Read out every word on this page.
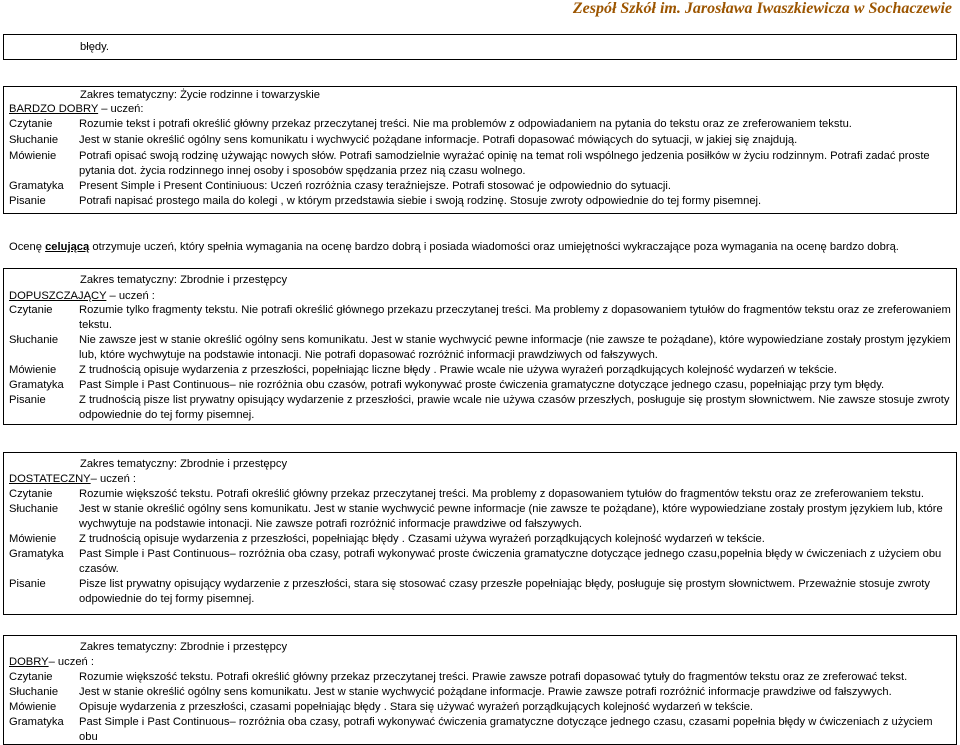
Zespół Szkół im. Jarosława Iwaszkiewicza w Sochaczewie
błędy.
Zakres tematyczny: Życie rodzinne i towarzyskie
BARDZO DOBRY – uczeń:
Czytanie	Rozumie tekst i potrafi określić główny przekaz przeczytanej treści. Nie ma problemów z odpowiadaniem na pytania do tekstu oraz ze zreferowaniem tekstu.
Słuchanie	Jest w stanie określić ogólny sens komunikatu i wychwycić pożądane informacje. Potrafi dopasować mówiących do sytuacji, w jakiej się znajdują.
Mówienie	Potrafi opisać swoją rodzinę używając nowych słów. Potrafi samodzielnie wyrażać opinię na temat roli wspólnego jedzenia posiłków w życiu rodzinnym. Potrafi zadać proste pytania dot. życia rodzinnego innej osoby i sposobów spędzania przez nią czasu wolnego.
Gramatyka	Present Simple i Present Continiuous: Uczeń rozróżnia czasy teraźniejsze. Potrafi stosować je odpowiednio do sytuacji.
Pisanie	Potrafi napisać prostego maila do kolegi , w którym przedstawia siebie i swoją rodzinę. Stosuje zwroty odpowiednie do tej formy pisemnej.
Ocenę celującą otrzymuje uczeń, który spełnia wymagania na ocenę bardzo dobrą i posiada wiadomości oraz umiejętności wykraczające poza wymagania na ocenę bardzo dobrą.
Zakres tematyczny: Zbrodnie i przestępcy
DOPUSZCZAJĄCY – uczeń :
Czytanie	Rozumie tylko fragmenty tekstu. Nie potrafi określić głównego przekazu przeczytanej treści. Ma problemy z dopasowaniem tytułów do fragmentów tekstu oraz ze zreferowaniem tekstu.
Słuchanie	Nie zawsze jest w stanie określić ogólny sens komunikatu. Jest w stanie wychwycić pewne informacje (nie zawsze te pożądane), które wypowiedziane zostały prostym językiem lub, które wychwytuje na podstawie intonacji. Nie potrafi dopasować rozróżnić informacji prawdziwych od fałszywych.
Mówienie	Z trudnością opisuje wydarzenia z przeszłości, popełniając liczne błędy . Prawie wcale nie używa wyrażeń porządkujących kolejność wydarzeń w tekście.
Gramatyka	Past Simple i Past Continuous– nie rozróżnia obu czasów, potrafi wykonywać proste ćwiczenia gramatyczne dotyczące jednego czasu, popełniając przy tym błędy.
Pisanie	Z trudnością pisze list prywatny opisujący wydarzenie z przeszłości, prawie wcale nie używa czasów przeszłych, posługuje się prostym słownictwem. Nie zawsze stosuje zwroty odpowiednie do tej formy pisemnej.
Zakres tematyczny: Zbrodnie i przestępcy
DOSTATECZNY– uczeń :
Czytanie	Rozumie większość tekstu. Potrafi określić główny przekaz przeczytanej treści. Ma problemy z dopasowaniem tytułów do fragmentów tekstu oraz ze zreferowaniem tekstu.
Słuchanie	Jest w stanie określić ogólny sens komunikatu. Jest w stanie wychwycić pewne informacje (nie zawsze te pożądane), które wypowiedziane zostały prostym językiem lub, które wychwytuje na podstawie intonacji. Nie zawsze potrafi rozróżnić informacje prawdziwe od fałszywych.
Mówienie	Z trudnością opisuje wydarzenia z przeszłości, popełniając błędy . Czasami używa wyrażeń porządkujących kolejność wydarzeń w tekście.
Gramatyka	Past Simple i Past Continuous– rozróżnia oba czasy, potrafi wykonywać proste ćwiczenia gramatyczne dotyczące jednego czasu,popełnia błędy w ćwiczeniach z użyciem obu czasów.
Pisanie	Pisze list prywatny opisujący wydarzenie z przeszłości, stara się stosować czasy przeszłe popełniając błędy, posługuje się prostym słownictwem. Przeważnie stosuje zwroty odpowiednie do tej formy pisemnej.
Zakres tematyczny: Zbrodnie i przestępcy
DOBRY– uczeń :
Czytanie	Rozumie większość tekstu. Potrafi określić główny przekaz przeczytanej treści. Prawie zawsze potrafi dopasować tytuły do fragmentów tekstu oraz ze zreferować tekst.
Słuchanie	Jest w stanie określić ogólny sens komunikatu. Jest w stanie wychwycić pożądane informacje. Prawie zawsze potrafi rozróżnić informacje prawdziwe od fałszywych.
Mówienie	Opisuje wydarzenia z przeszłości, czasami popełniając błędy . Stara się używać wyrażeń porządkujących kolejność wydarzeń w tekście.
Gramatyka	Past Simple i Past Continuous– rozróżnia oba czasy, potrafi wykonywać ćwiczenia gramatyczne dotyczące jednego czasu, czasami popełnia błędy w ćwiczeniach z użyciem obu
